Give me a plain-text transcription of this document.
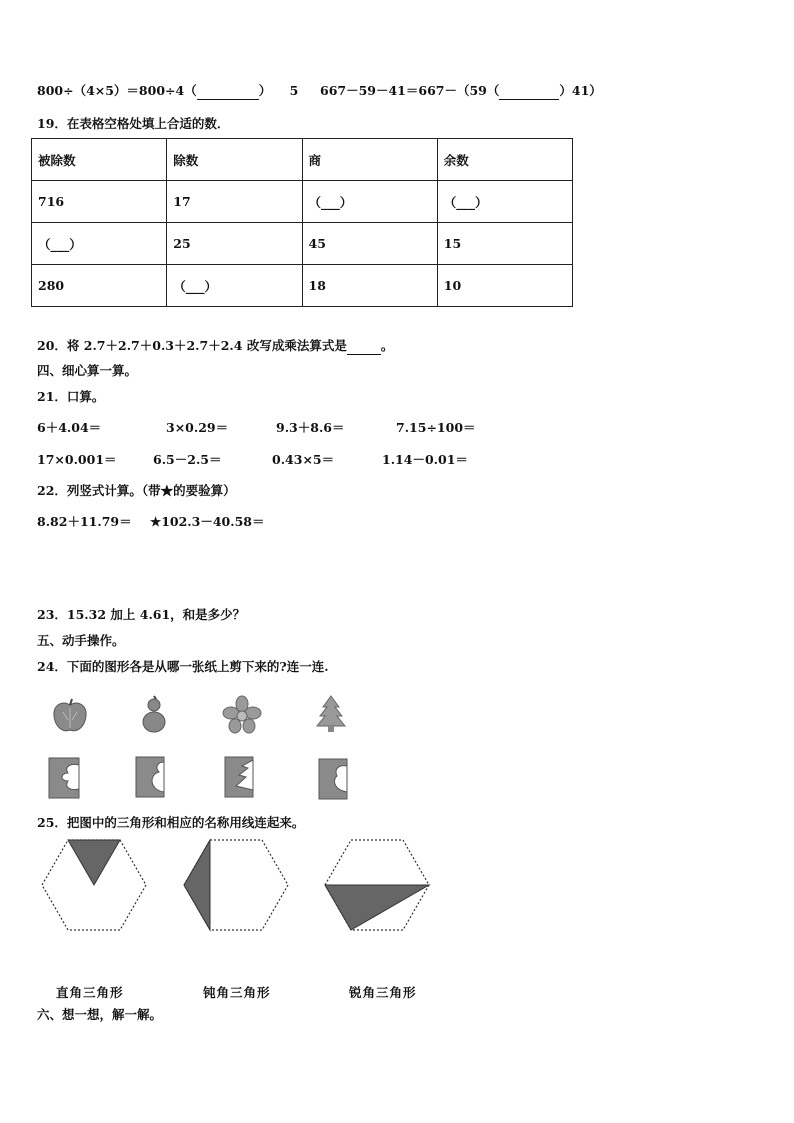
800÷（4×5）＝800÷4（	） 5 667－59－41＝667－（59（	）41）
19．在表格空格处填上合适的数．
被除数	除数	商	余数
716	17	（___）	（___）
（___）	25	45	15
280	（___）	18	10
20．将 2.7＋2.7＋0.3＋2.7＋2.4 改写成乘法算式是	。
四、细心算一算。
21．口算。
6＋4.04＝	3×0.29＝	9.3＋8.6＝	7.15÷100＝
17×0.001＝	6.5－2.5＝	0.43×5＝	1.14－0.01＝
22．列竖式计算。（带★的要验算）
8.82＋11.79＝ ★102.3－40.58＝
23．15.32 加上 4.61，和是多少？
五、动手操作。
24．下面的图形各是从哪一张纸上剪下来的?连一连.
25．把图中的三角形和相应的名称用线连起来。
直角三角形	钝角三角形	锐角三角形
六、想一想，解一解。
